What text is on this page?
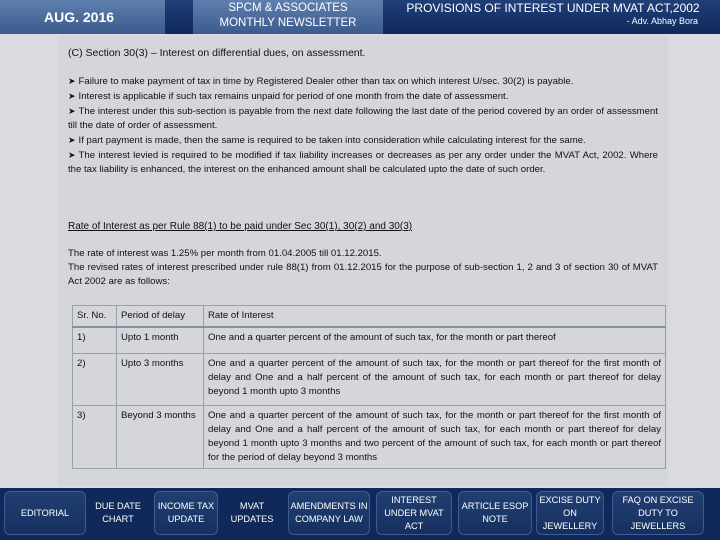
AUG. 2016
SPCM & ASSOCIATES
MONTHLY NEWSLETTER
PROVISIONS OF INTEREST UNDER MVAT ACT,2002
- Adv. Abhay Bora
(C) Section 30(3) – Interest on differential dues, on assessment.

➤ Failure to make payment of tax in time by Registered Dealer other than tax on which interest U/sec. 30(2) is payable.

➤ Interest is applicable if such tax remains unpaid for period of one month from the date of assessment.

➤ The interest under this sub-section is payable from the next date following the last date of the period covered by an order of assessment till the date of order of assessment.

➤ If part payment is made, then the same is required to be taken into consideration while calculating interest for the same.

➤ The interest levied is required to be modified if tax liability increases or decreases as per any order under the MVAT Act, 2002. Where the tax liability is enhanced, the interest on the enhanced amount shall be calculated upto the date of such order.

Rate of Interest as per Rule 88(1) to be paid under Sec 30(1), 30(2) and 30(3)

The rate of interest was 1.25% per month from 01.04.2005 till 01.12.2015.

The revised rates of interest prescribed under rule 88(1) from 01.12.2015 for the purpose of sub-section 1, 2 and 3 of section 30 of MVAT Act 2002 are as follows:

Sr. No.	Period of delay	Rate of Interest
1)	Upto 1 month	One and a quarter percent of the amount of such tax, for the month or part thereof
2)	Upto 3 months	One and a quarter percent of the amount of such tax, for the month or part thereof for the first month of delay and One and a half percent of the amount of such tax, for each month or part thereof for delay beyond 1 month upto 3 months
3)	Beyond 3 months	One and a quarter percent of the amount of such tax, for the month or part thereof for the first month of delay and One and a half percent of the amount of such tax, for each month or part thereof for delay beyond 1 month upto 3 months and two percent of the amount of such tax, for each month or part thereof for the period of delay beyond 3 months
EDITORIAL
DUE DATE CHART
INCOME TAX UPDATE
MVAT UPDATES
AMENDMENTS IN COMPANY LAW
INTEREST UNDER MVAT ACT
ARTICLE ESOP NOTE
EXCISE DUTY ON JEWELLERY
FAQ ON EXCISE DUTY TO JEWELLERS
